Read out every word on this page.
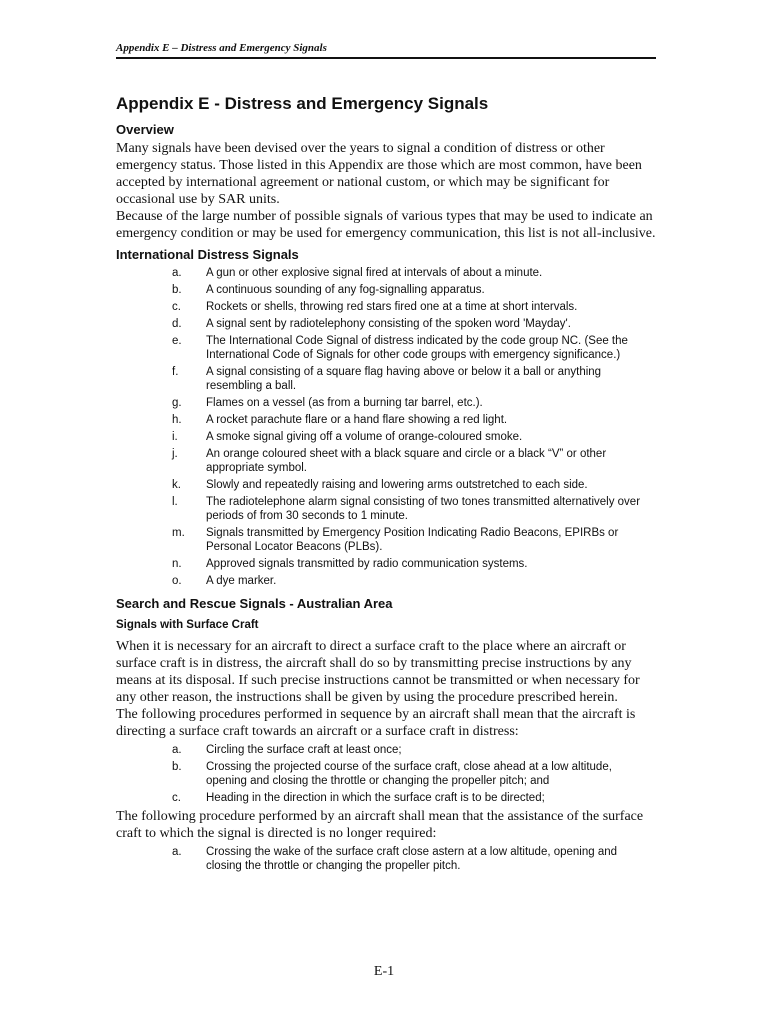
Appendix E – Distress and Emergency Signals
Appendix E - Distress and Emergency Signals
Overview

Many signals have been devised over the years to signal a condition of distress or other emergency status. Those listed in this Appendix are those which are most common, have been accepted by international agreement or national custom, or which may be significant for occasional use by SAR units.

Because of the large number of possible signals of various types that may be used to indicate an emergency condition or may be used for emergency communication, this list is not all-inclusive.

International Distress Signals
a.	A gun or other explosive signal fired at intervals of about a minute.
b.	A continuous sounding of any fog-signalling apparatus.
c.	Rockets or shells, throwing red stars fired one at a time at short intervals.
d.	A signal sent by radiotelephony consisting of the spoken word 'Mayday'.
e.	The International Code Signal of distress indicated by the code group NC. (See the International Code of Signals for other code groups with emergency significance.)
f.	A signal consisting of a square flag having above or below it a ball or anything resembling a ball.
g.	Flames on a vessel (as from a burning tar barrel, etc.).
h.	A rocket parachute flare or a hand flare showing a red light.
i.	A smoke signal giving off a volume of orange-coloured smoke.
j.	An orange coloured sheet with a black square and circle or a black “V” or other appropriate symbol.
k.	Slowly and repeatedly raising and lowering arms outstretched to each side.
l.	The radiotelephone alarm signal consisting of two tones transmitted alternatively over periods of from 30 seconds to 1 minute.
m.	Signals transmitted by Emergency Position Indicating Radio Beacons, EPIRBs or Personal Locator Beacons (PLBs).
n.	Approved signals transmitted by radio communication systems.
o.	A dye marker.
Search and Rescue Signals - Australian Area
Signals with Surface Craft

When it is necessary for an aircraft to direct a surface craft to the place where an aircraft or surface craft is in distress, the aircraft shall do so by transmitting precise instructions by any means at its disposal. If such precise instructions cannot be transmitted or when necessary for any other reason, the instructions shall be given by using the procedure prescribed herein.

The following procedures performed in sequence by an aircraft shall mean that the aircraft is directing a surface craft towards an aircraft or a surface craft in distress:

a.	Circling the surface craft at least once;
b.	Crossing the projected course of the surface craft, close ahead at a low altitude, opening and closing the throttle or changing the propeller pitch; and
c.	Heading in the direction in which the surface craft is to be directed;

The following procedure performed by an aircraft shall mean that the assistance of the surface craft to which the signal is directed is no longer required:

a.	Crossing the wake of the surface craft close astern at a low altitude, opening and closing the throttle or changing the propeller pitch.
E-1
